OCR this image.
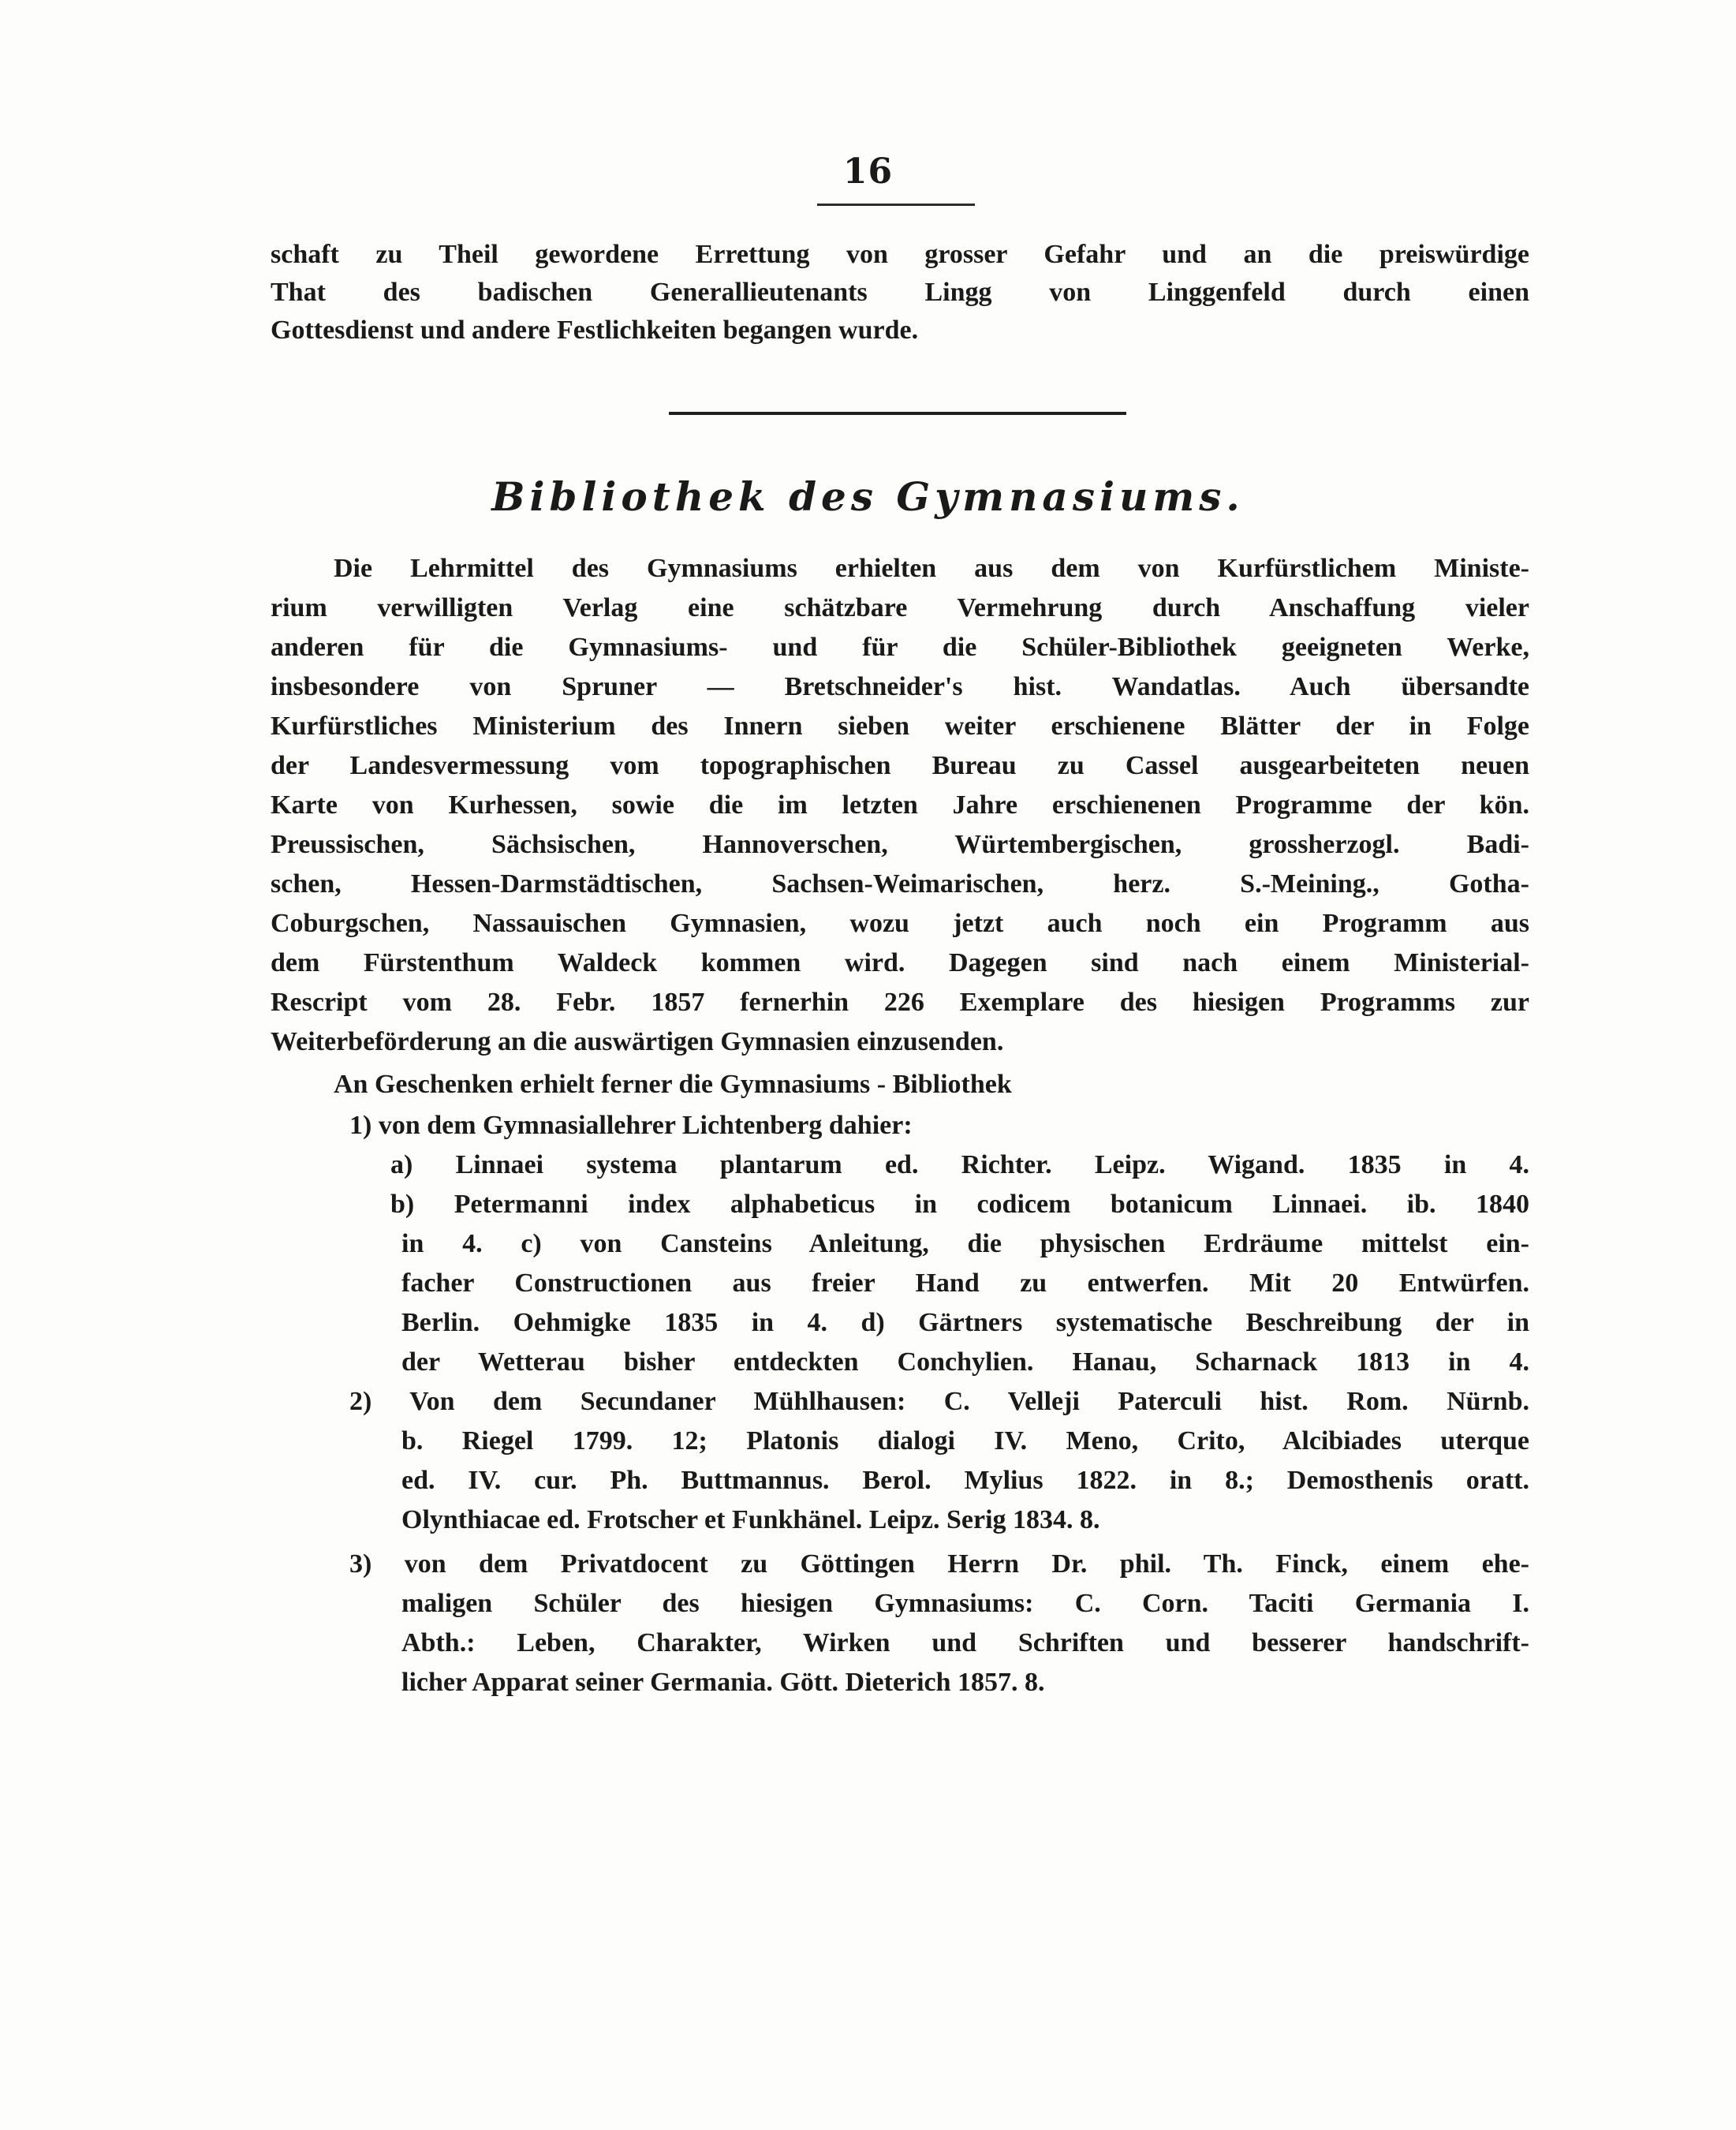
16
schaft zu Theil gewordene Errettung von grosser Gefahr und an die preiswürdige
That des badischen Generallieutenants Lingg von Linggenfeld durch einen
Gottesdienst und andere Festlichkeiten begangen wurde.
Bibliothek des Gymnasiums.
Die Lehrmittel des Gymnasiums erhielten aus dem von Kurfürstlichem Ministe-
rium verwilligten Verlag eine schätzbare Vermehrung durch Anschaffung vieler
anderen für die Gymnasiums- und für die Schüler-Bibliothek geeigneten Werke,
insbesondere von Spruner — Bretschneider's hist. Wandatlas. Auch übersandte
Kurfürstliches Ministerium des Innern sieben weiter erschienene Blätter der in Folge
der Landesvermessung vom topographischen Bureau zu Cassel ausgearbeiteten neuen
Karte von Kurhessen, sowie die im letzten Jahre erschienenen Programme der kön.
Preussischen, Sächsischen, Hannoverschen, Würtembergischen, grossherzogl. Badi-
schen, Hessen-Darmstädtischen, Sachsen-Weimarischen, herz. S.-Meining., Gotha-
Coburgschen, Nassauischen Gymnasien, wozu jetzt auch noch ein Programm aus
dem Fürstenthum Waldeck kommen wird. Dagegen sind nach einem Ministerial-
Rescript vom 28. Febr. 1857 fernerhin 226 Exemplare des hiesigen Programms zur
Weiterbeförderung an die auswärtigen Gymnasien einzusenden.
An Geschenken erhielt ferner die Gymnasiums - Bibliothek
1) von dem Gymnasiallehrer Lichtenberg dahier:
a) Linnaei systema plantarum ed. Richter. Leipz. Wigand. 1835 in 4.
b) Petermanni index alphabeticus in codicem botanicum Linnaei. ib. 1840
in 4. c) von Cansteins Anleitung, die physischen Erdräume mittelst ein-
facher Constructionen aus freier Hand zu entwerfen. Mit 20 Entwürfen.
Berlin. Oehmigke 1835 in 4. d) Gärtners systematische Beschreibung der in
der Wetterau bisher entdeckten Conchylien. Hanau, Scharnack 1813 in 4.
2) Von dem Secundaner Mühlhausen: C. Velleji Paterculi hist. Rom. Nürnb.
b. Riegel 1799. 12; Platonis dialogi IV. Meno, Crito, Alcibiades uterque
ed. IV. cur. Ph. Buttmannus. Berol. Mylius 1822. in 8.; Demosthenis oratt.
Olynthiacae ed. Frotscher et Funkhänel. Leipz. Serig 1834. 8.
3) von dem Privatdocent zu Göttingen Herrn Dr. phil. Th. Finck, einem ehe-
maligen Schüler des hiesigen Gymnasiums: C. Corn. Taciti Germania I.
Abth.: Leben, Charakter, Wirken und Schriften und besserer handschrift-
licher Apparat seiner Germania. Gött. Dieterich 1857. 8.
